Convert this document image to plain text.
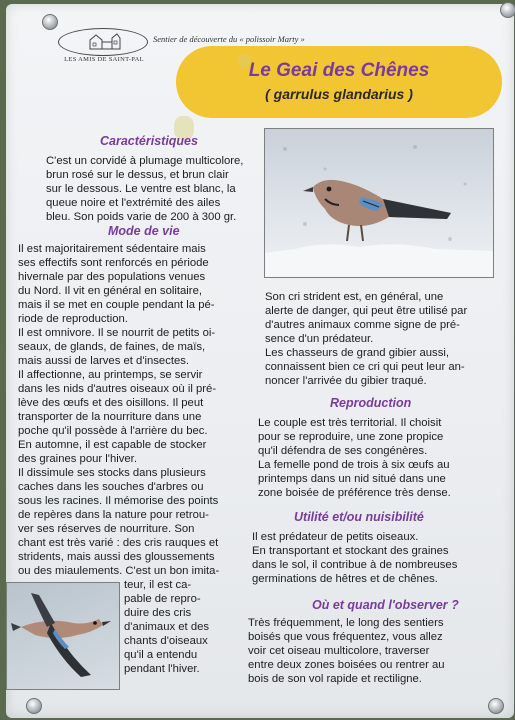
LES AMIS DE SAINT-PAL
Sentier de découverte du « polissoir Marty »
Le Geai des Chênes
( garrulus glandarius )
Caractéristiques

C'est un corvidé à plumage multicolore,
brun rosé sur le dessus, et brun clair
sur le dessous. Le ventre est blanc, la
queue noire et l'extrémité des ailes
bleu. Son poids varie de 200 à 300 gr.

Mode de vie

Il est majoritairement sédentaire mais
ses effectifs sont renforcés en période
hivernale par des populations venues
du Nord. Il vit en général en solitaire,
mais il se met en couple pendant la pé-
riode de reproduction.
Il est omnivore. Il se nourrit de petits oi-
seaux, de glands, de faines, de maïs,
mais aussi de larves et d'insectes.
Il affectionne, au printemps, se servir
dans les nids d'autres oiseaux où il pré-
lève des œufs et des oisillons. Il peut
transporter de la nourriture dans une
poche qu'il possède à l'arrière du bec.
En automne, il est capable de stocker
des graines pour l'hiver.
Il dissimule ses stocks dans plusieurs
caches dans les souches d'arbres ou
sous les racines. Il mémorise des points
de repères dans la nature pour retrou-
ver ses réserves de nourriture. Son
chant est très varié : des cris rauques et
stridents, mais aussi des gloussements
ou des miaulements. C'est un bon imita-

Son cri strident est, en général, une
alerte de danger, qui peut être utilisé par
d'autres animaux comme signe de pré-
sence d'un prédateur.
Les chasseurs de grand gibier aussi,
connaissent bien ce cri qui peut leur an-
noncer l'arrivée du gibier traqué.

Reproduction

Le couple est très territorial. Il choisit
pour se reproduire, une zone propice
qu'il défendra de ses congénères.
La femelle pond de trois à six œufs au
printemps dans un nid situé dans une
zone boisée de préférence très dense.

Utilité et/ou nuisibilité

Il est prédateur de petits oiseaux.
En transportant et stockant des graines
dans le sol, il contribue à de nombreuses
germinations de hêtres et de chênes.

Où et quand l'observer ?

Très fréquemment, le long des sentiers
boisés que vous fréquentez, vous allez
voir cet oiseau multicolore, traverser
entre deux zones boisées ou rentrer au
bois de son vol rapide et rectiligne.

teur, il est ca-
pable de repro-
duire des cris
d'animaux et des
chants d'oiseaux
qu'il a entendu
pendant l'hiver.
